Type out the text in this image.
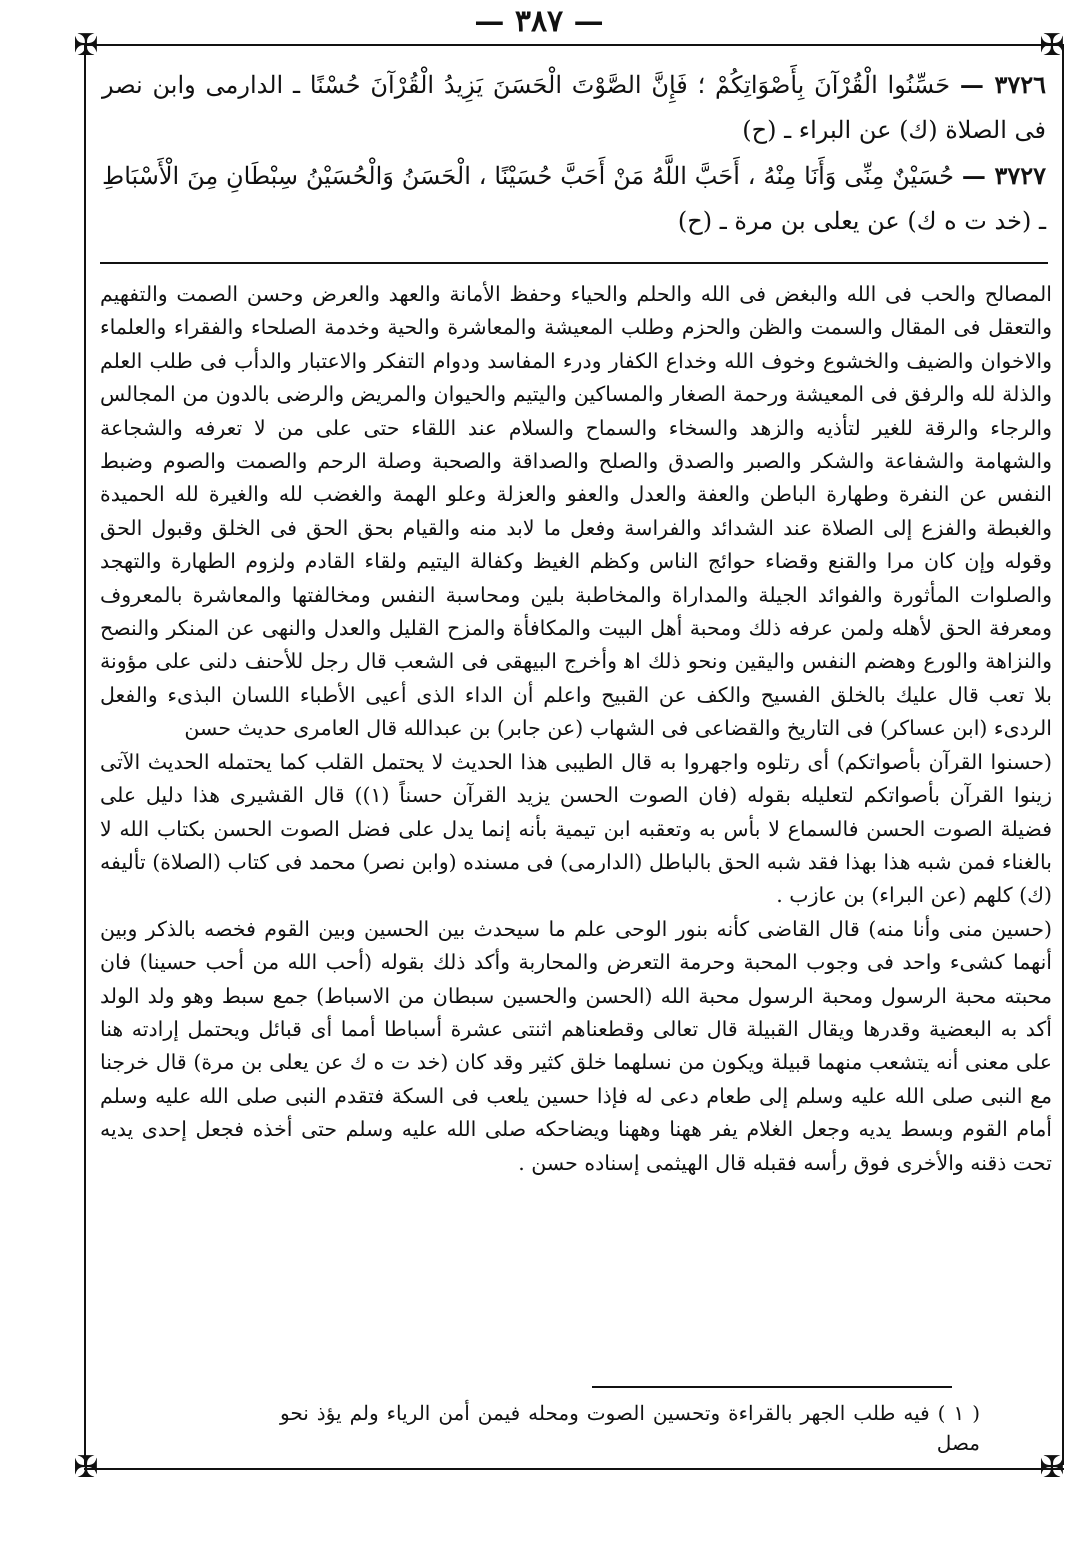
— ٣٨٧ —
✠	✠
✠	✠

٣٧٢٦ — حَسِّنُوا الْقُرْآنَ بِأَصْوَاتِكُمْ ؛ فَإِنَّ الصَّوْتَ الْحَسَنَ يَزِيدُ الْقُرْآنَ حُسْنًا ـ الدارمى وابن نصر فى الصلاة (ك) عن البراء ـ (ح)

٣٧٢٧ — حُسَيْنٌ مِنِّى وَأَنَا مِنْهُ ، أَحَبَّ اللَّهُ مَنْ أَحَبَّ حُسَيْنًا ، الْحَسَنُ وَالْحُسَيْنُ سِبْطَانِ مِنَ الْأَسْبَاطِ ـ (خد ت ه ك) عن يعلى بن مرة ـ (ح)

المصالح والحب فى الله والبغض فى الله والحلم والحياء وحفظ الأمانة والعهد والعرض وحسن الصمت والتفهيم والتعقل فى المقال والسمت والظن والحزم وطلب المعيشة والمعاشرة والحية وخدمة الصلحاء والفقراء والعلماء والاخوان والضيف والخشوع وخوف الله وخداع الكفار ودرء المفاسد ودوام التفكر والاعتبار والدأب فى طلب العلم والذلة لله والرفق فى المعيشة ورحمة الصغار والمساكين واليتيم والحيوان والمريض والرضى بالدون من المجالس والرجاء والرقة للغير لتأذيه والزهد والسخاء والسماح والسلام عند اللقاء حتى على من لا تعرفه والشجاعة والشهامة والشفاعة والشكر والصبر والصدق والصلح والصداقة والصحبة وصلة الرحم والصمت والصوم وضبط النفس عن النفرة وطهارة الباطن والعفة والعدل والعفو والعزلة وعلو الهمة والغضب لله والغيرة لله الحميدة والغبطة والفزع إلى الصلاة عند الشدائد والفراسة وفعل ما لابد منه والقيام بحق الحق فى الخلق وقبول الحق وقوله وإن كان مرا والقنع وقضاء حوائج الناس وكظم الغيظ وكفالة اليتيم ولقاء القادم ولزوم الطهارة والتهجد والصلوات المأثورة والفوائد الجيلة والمداراة والمخاطبة بلين ومحاسبة النفس ومخالفتها والمعاشرة بالمعروف ومعرفة الحق لأهله ولمن عرفه ذلك ومحبة أهل البيت والمكافأة والمزح القليل والعدل والنهى عن المنكر والنصح والنزاهة والورع وهضم النفس واليقين ونحو ذلك اﻫ وأخرج البيهقى فى الشعب قال رجل للأحنف دلنى على مؤونة بلا تعب قال عليك بالخلق الفسيح والكف عن القبيح واعلم أن الداء الذى أعيى الأطباء اللسان البذىء والفعل الردىء (ابن عساكر) فى التاريخ والقضاعى فى الشهاب (عن جابر) بن عبدالله قال العامرى حديث حسن

(حسنوا القرآن بأصواتكم) أى رتلوه واجهروا به قال الطيبى هذا الحديث لا يحتمل القلب كما يحتمله الحديث الآتى زينوا القرآن بأصواتكم لتعليله بقوله (فان الصوت الحسن يزيد القرآن حسناً (١)) قال القشيرى هذا دليل على فضيلة الصوت الحسن فالسماع لا بأس به وتعقبه ابن تيمية بأنه إنما يدل على فضل الصوت الحسن بكتاب الله لا بالغناء فمن شبه هذا بهذا فقد شبه الحق بالباطل (الدارمى) فى مسنده (وابن نصر) محمد فى كتاب (الصلاة) تأليفه (ك) كلهم (عن البراء) بن عازب .

(حسين منى وأنا منه) قال القاضى كأنه بنور الوحى علم ما سيحدث بين الحسين وبين القوم فخصه بالذكر وبين أنهما كشىء واحد فى وجوب المحبة وحرمة التعرض والمحاربة وأكد ذلك بقوله (أحب الله من أحب حسينا) فان محبته محبة الرسول ومحبة الرسول محبة الله (الحسن والحسين سبطان من الاسباط) جمع سبط وهو ولد الولد أكد به البعضية وقدرها ويقال القبيلة قال تعالى وقطعناهم اثنتى عشرة أسباطا أمما أى قبائل ويحتمل إرادته هنا على معنى أنه يتشعب منهما قبيلة ويكون من نسلهما خلق كثير وقد كان (خد ت ه ك عن يعلى بن مرة) قال خرجنا مع النبى صلى الله عليه وسلم إلى طعام دعى له فإذا حسين يلعب فى السكة فتقدم النبى صلى الله عليه وسلم أمام القوم وبسط يديه وجعل الغلام يفر ههنا وههنا ويضاحكه صلى الله عليه وسلم حتى أخذه فجعل إحدى يديه تحت ذقنه والأخرى فوق رأسه فقبله قال الهيثمى إسناده حسن .

( ١ ) فيه طلب الجهر بالقراءة وتحسين الصوت ومحله فيمن أمن الرياء ولم يؤذ نحو مصل
